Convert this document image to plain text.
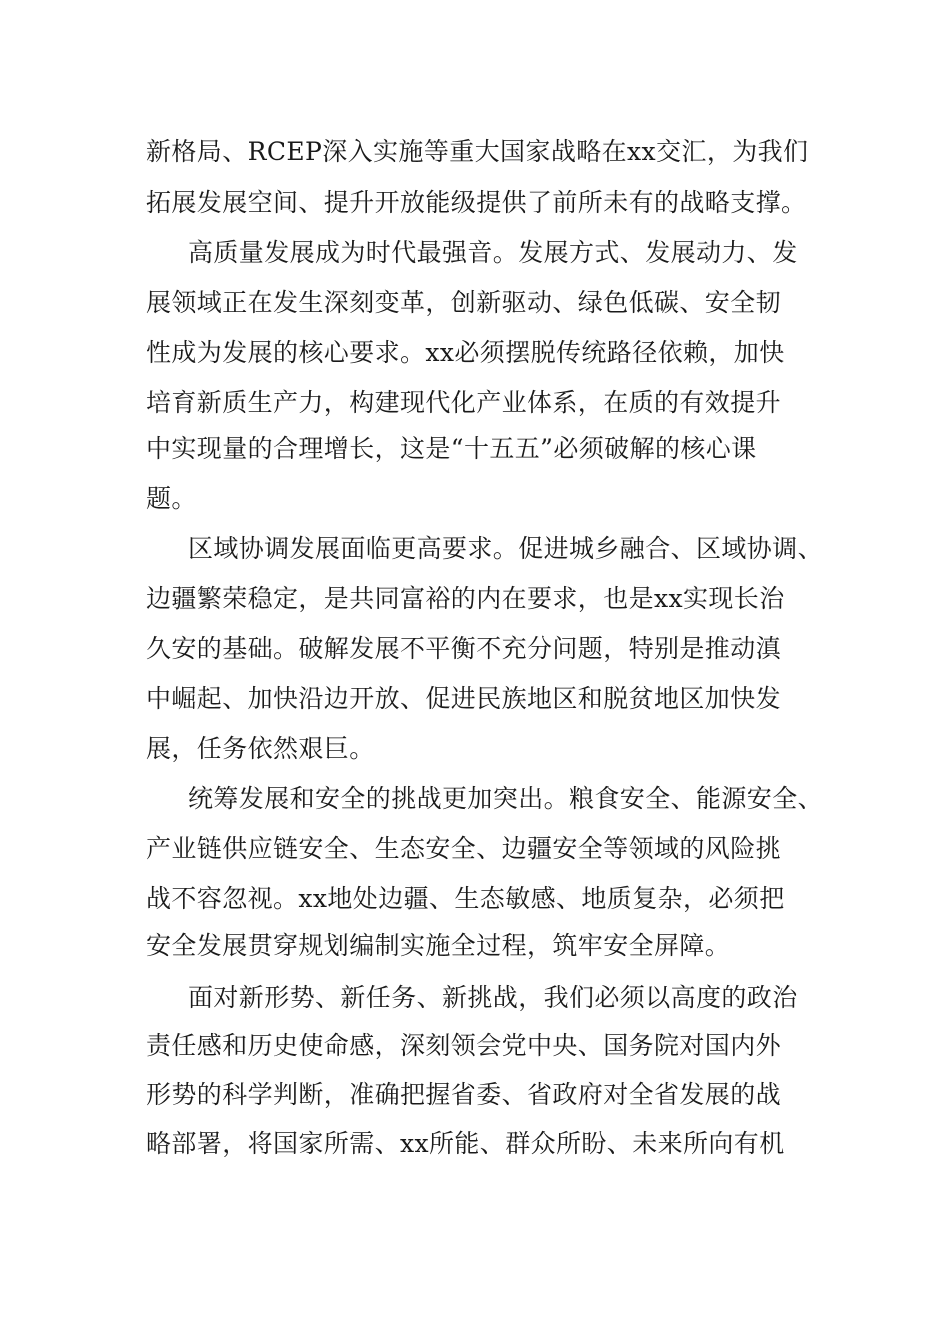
新格局、RCEP深入实施等重大国家战略在xx交汇，为我们
拓展发展空间、提升开放能级提供了前所未有的战略支撑。
高质量发展成为时代最强音。发展方式、发展动力、发
展领域正在发生深刻变革，创新驱动、绿色低碳、安全韧
性成为发展的核心要求。xx必须摆脱传统路径依赖，加快
培育新质生产力，构建现代化产业体系，在质的有效提升
中实现量的合理增长，这是“十五五”必须破解的核心课
题。
区域协调发展面临更高要求。促进城乡融合、区域协调、
边疆繁荣稳定，是共同富裕的内在要求，也是xx实现长治
久安的基础。破解发展不平衡不充分问题，特别是推动滇
中崛起、加快沿边开放、促进民族地区和脱贫地区加快发
展，任务依然艰巨。
统筹发展和安全的挑战更加突出。粮食安全、能源安全、
产业链供应链安全、生态安全、边疆安全等领域的风险挑
战不容忽视。xx地处边疆、生态敏感、地质复杂，必须把
安全发展贯穿规划编制实施全过程，筑牢安全屏障。
面对新形势、新任务、新挑战，我们必须以高度的政治
责任感和历史使命感，深刻领会党中央、国务院对国内外
形势的科学判断，准确把握省委、省政府对全省发展的战
略部署，将国家所需、xx所能、群众所盼、未来所向有机
